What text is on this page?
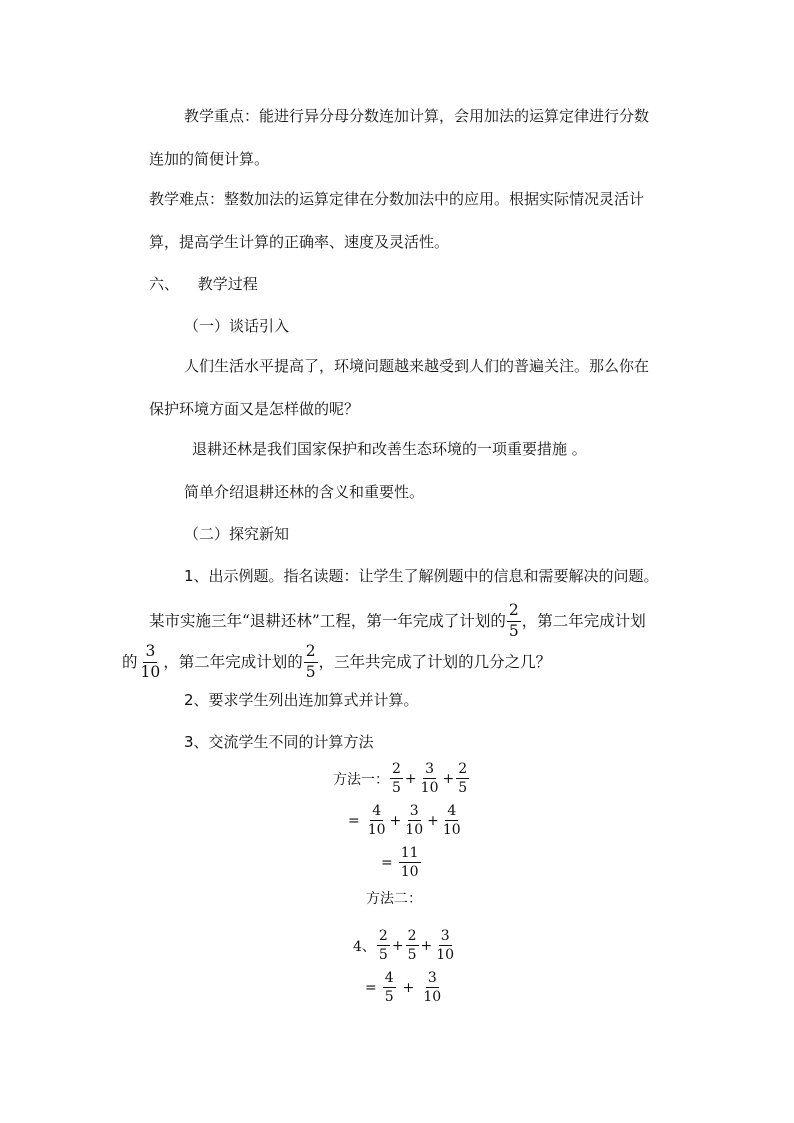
教学重点：能进行异分母分数连加计算，会用加法的运算定律进行分数
连加的简便计算。
教学难点：整数加法的运算定律在分数加法中的应用。根据实际情况灵活计
算，提高学生计算的正确率、速度及灵活性。
六、 教学过程
（一）谈话引入
人们生活水平提高了，环境问题越来越受到人们的普遍关注。那么你在
保护环境方面又是怎样做的呢？
退耕还林是我们国家保护和改善生态环境的一项重要措施 。
简单介绍退耕还林的含义和重要性。
（二）探究新知
1、出示例题。指名读题：让学生了解例题中的信息和需要解决的问题。
某市实施三年“退耕还林”工程，第一年完成了计划的 $\frac{2}{5}$ ，第二年完成计划
的 $\frac{3}{10}$ ，第二年完成计划的 $\frac{2}{5}$ ，三年共完成了计划的几分之几？
2、要求学生列出连加算式并计算。
3、交流学生不同的计算方法
方法一： $\frac{2}{5} + \frac{3}{10} + \frac{2}{5}$
= $\frac{4}{10} + \frac{3}{10} + \frac{4}{10}$
= $\frac{11}{10}$
方法二：
4、 $\frac{2}{5} + \frac{2}{5} + \frac{3}{10}$
= $\frac{4}{5} + \frac{3}{10}$
